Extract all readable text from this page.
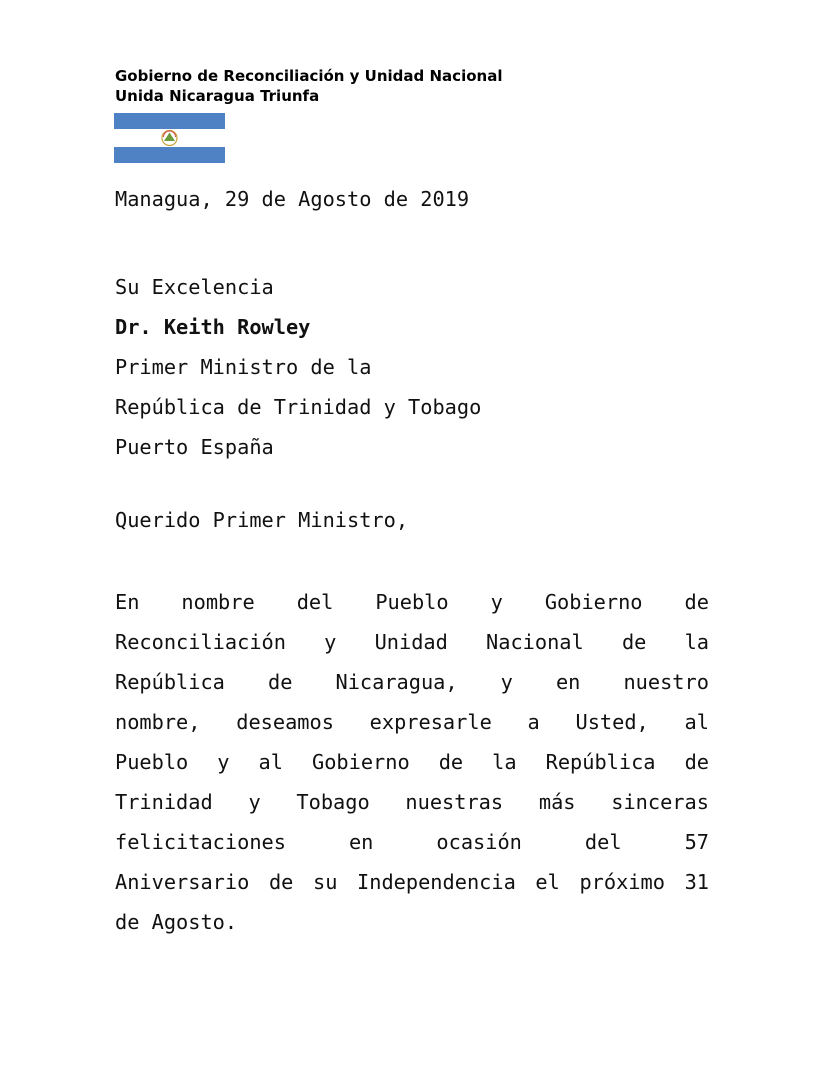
Gobierno de Reconciliación y Unidad Nacional
Unida Nicaragua Triunfa
Managua, 29 de Agosto de 2019
Su Excelencia
Dr. Keith Rowley
Primer Ministro de la
República de Trinidad y Tobago
Puerto España
Querido Primer Ministro,
En nombre del Pueblo y Gobierno de
Reconciliación y Unidad Nacional de la
República de Nicaragua, y en nuestro
nombre, deseamos expresarle a Usted, al
Pueblo y al Gobierno de la República de
Trinidad y Tobago nuestras más sinceras
felicitaciones	en	ocasión	del	57
Aniversario de su Independencia el próximo 31
de Agosto.
